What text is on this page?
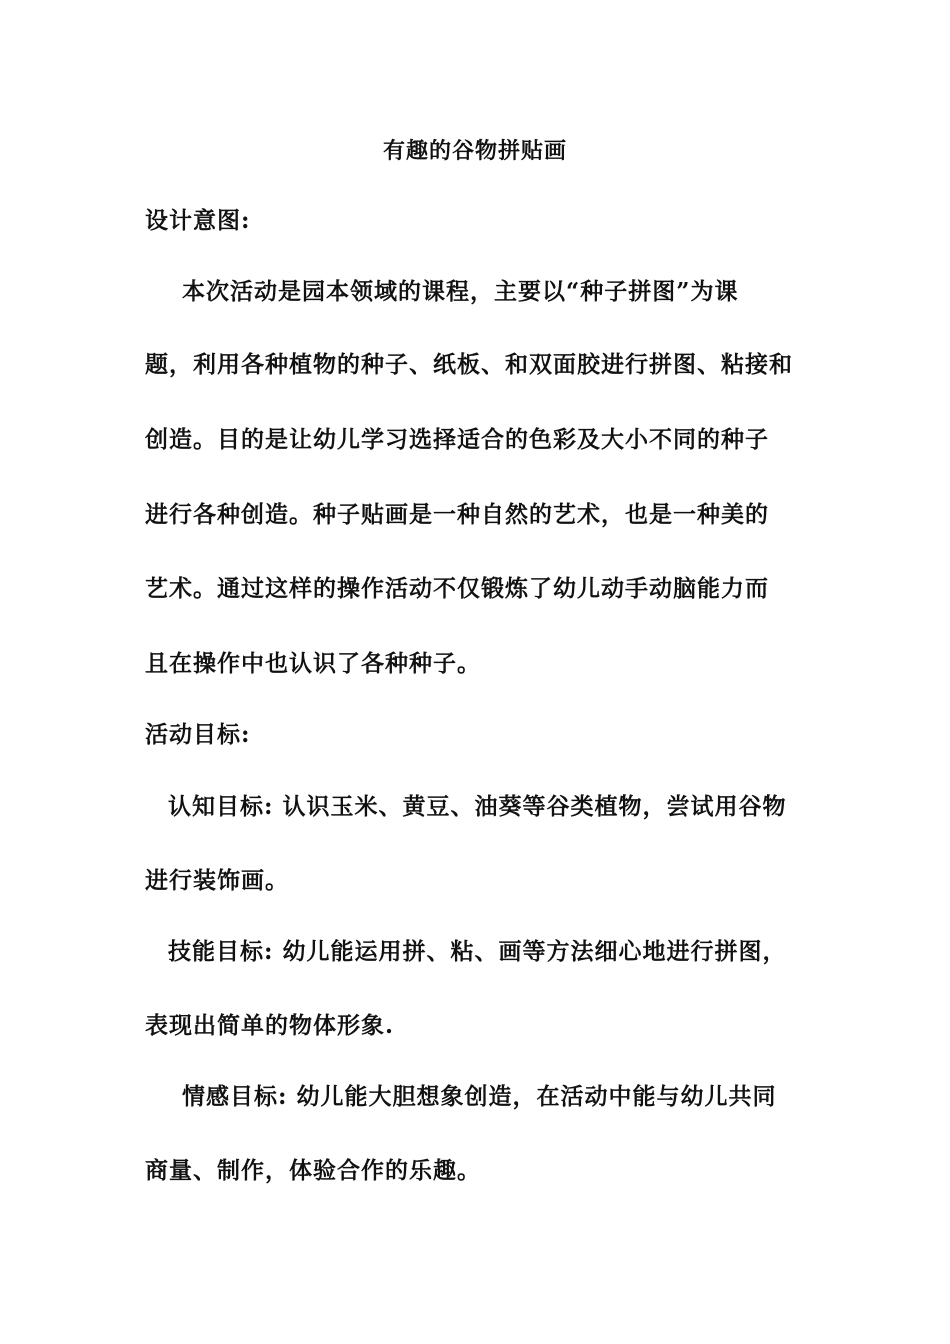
有趣的谷物拼贴画
设计意图:
本次活动是园本领域的课程，主要以“种子拼图”为课
题，利用各种植物的种子、纸板、和双面胶进行拼图、粘接和
创造。目的是让幼儿学习选择适合的色彩及大小不同的种子
进行各种创造。种子贴画是一种自然的艺术，也是一种美的
艺术。通过这样的操作活动不仅锻炼了幼儿动手动脑能力而
且在操作中也认识了各种种子。
活动目标:
认知目标: 认识玉米、黄豆、油葵等谷类植物，尝试用谷物
进行装饰画。
技能目标: 幼儿能运用拼、粘、画等方法细心地进行拼图，
表现出简单的物体形象.
情感目标: 幼儿能大胆想象创造，在活动中能与幼儿共同
商量、制作，体验合作的乐趣。
